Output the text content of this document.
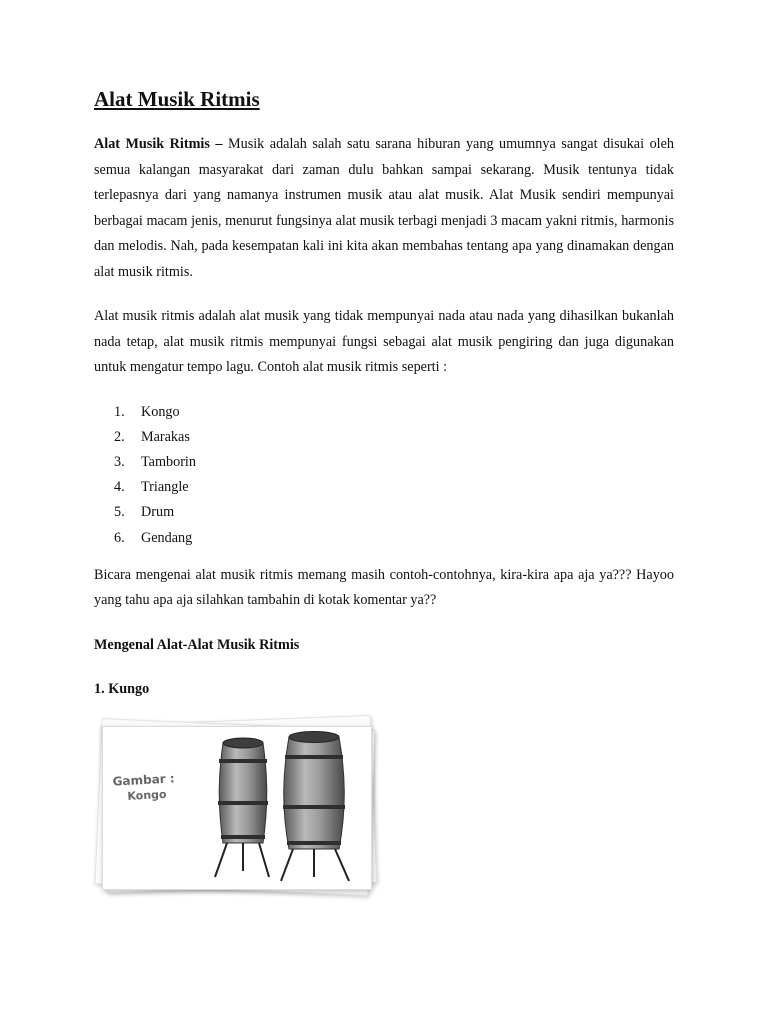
Alat Musik Ritmis

Alat Musik Ritmis – Musik adalah salah satu sarana hiburan yang umumnya sangat disukai oleh semua kalangan masyarakat dari zaman dulu bahkan sampai sekarang. Musik tentunya tidak terlepasnya dari yang namanya instrumen musik atau alat musik. Alat Musik sendiri mempunyai berbagai macam jenis, menurut fungsinya alat musik terbagi menjadi 3 macam yakni ritmis, harmonis dan melodis. Nah, pada kesempatan kali ini kita akan membahas tentang apa yang dinamakan dengan alat musik ritmis.

Alat musik ritmis adalah alat musik yang tidak mempunyai nada atau nada yang dihasilkan bukanlah nada tetap, alat musik ritmis mempunyai fungsi sebagai alat musik pengiring dan juga digunakan untuk mengatur tempo lagu. Contoh alat musik ritmis seperti :

1.	Kongo
2.	Marakas
3.	Tamborin
4.	Triangle
5.	Drum
6.	Gendang

Bicara mengenai alat musik ritmis memang masih contoh-contohnya, kira-kira apa aja ya??? Hayoo yang tahu apa aja silahkan tambahin di kotak komentar ya??

Mengenal Alat-Alat Musik Ritmis
1. Kungo
Gambar :
Kongo
